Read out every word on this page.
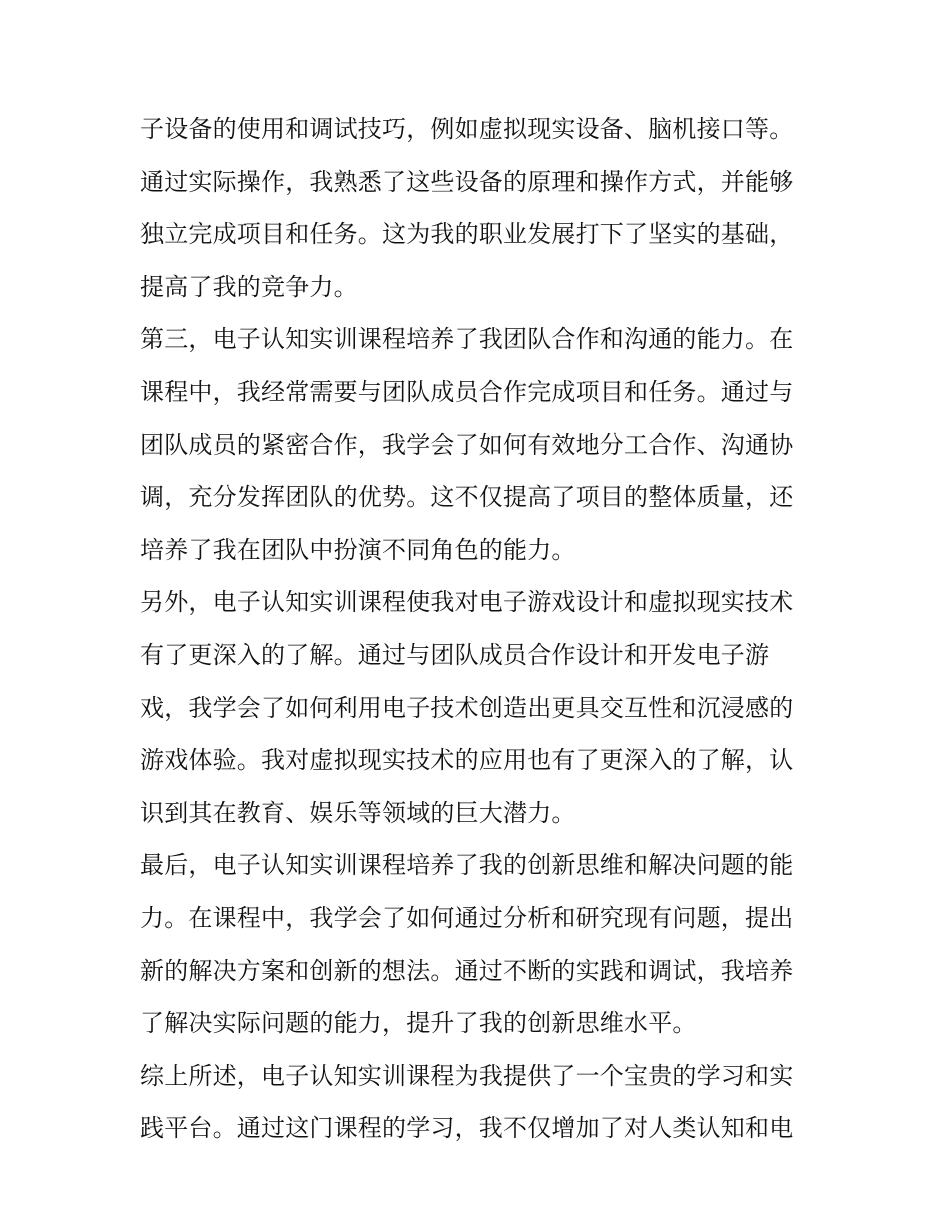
子设备的使用和调试技巧，例如虚拟现实设备、脑机接口等。
通过实际操作，我熟悉了这些设备的原理和操作方式，并能够
独立完成项目和任务。这为我的职业发展打下了坚实的基础，
提高了我的竞争力。
第三，电子认知实训课程培养了我团队合作和沟通的能力。在
课程中，我经常需要与团队成员合作完成项目和任务。通过与
团队成员的紧密合作，我学会了如何有效地分工合作、沟通协
调，充分发挥团队的优势。这不仅提高了项目的整体质量，还
培养了我在团队中扮演不同角色的能力。
另外，电子认知实训课程使我对电子游戏设计和虚拟现实技术
有了更深入的了解。通过与团队成员合作设计和开发电子游
戏，我学会了如何利用电子技术创造出更具交互性和沉浸感的
游戏体验。我对虚拟现实技术的应用也有了更深入的了解，认
识到其在教育、娱乐等领域的巨大潜力。
最后，电子认知实训课程培养了我的创新思维和解决问题的能
力。在课程中，我学会了如何通过分析和研究现有问题，提出
新的解决方案和创新的想法。通过不断的实践和调试，我培养
了解决实际问题的能力，提升了我的创新思维水平。
综上所述，电子认知实训课程为我提供了一个宝贵的学习和实
践平台。通过这门课程的学习，我不仅增加了对人类认知和电
